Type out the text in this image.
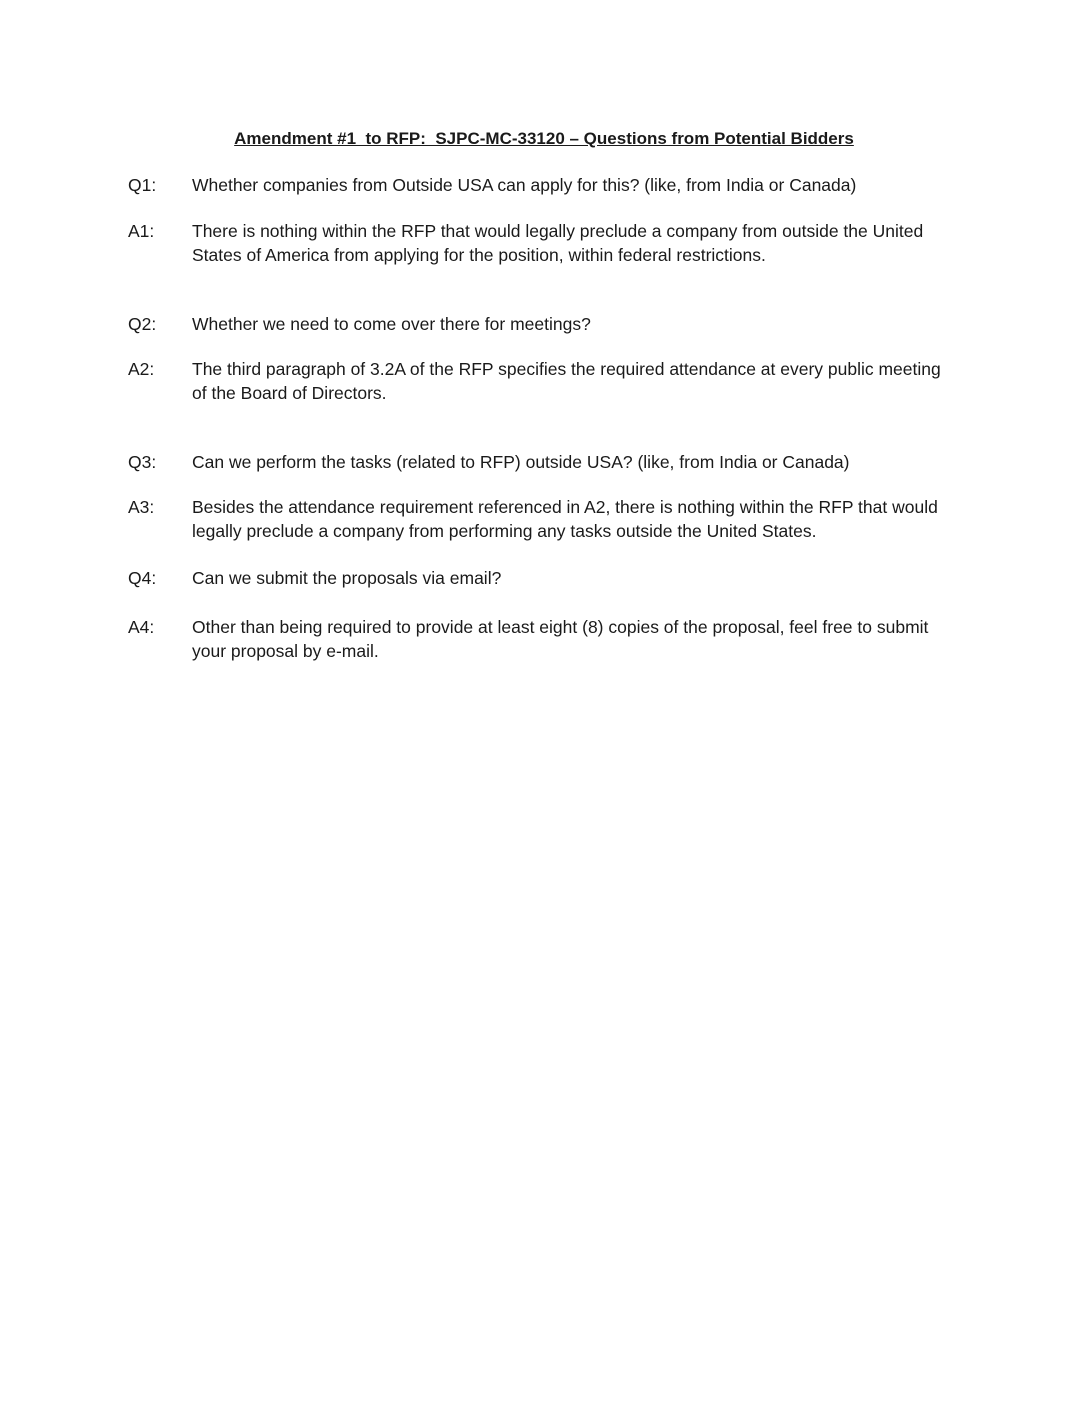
Amendment #1  to RFP:  SJPC-MC-33120 – Questions from Potential Bidders
Q1:	Whether companies from Outside USA can apply for this? (like, from India or Canada)
A1:	There is nothing within the RFP that would legally preclude a company from outside the United States of America from applying for the position, within federal restrictions.
Q2:	Whether we need to come over there for meetings?
A2:	The third paragraph of 3.2A of the RFP specifies the required attendance at every public meeting of the Board of Directors.
Q3:	Can we perform the tasks (related to RFP) outside USA? (like, from India or Canada)
A3:	Besides the attendance requirement referenced in A2, there is nothing within the RFP that would legally preclude a company from performing any tasks outside the United States.
Q4:	Can we submit the proposals via email?
A4:	Other than being required to provide at least eight (8) copies of the proposal, feel free to submit your proposal by e-mail.
